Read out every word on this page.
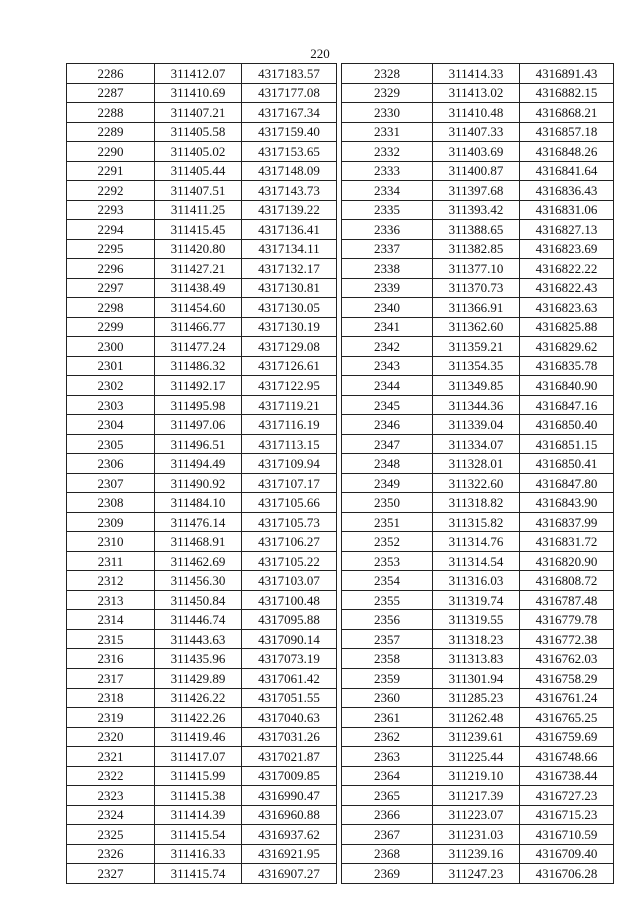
220
2286	311412.07	4317183.57
2287	311410.69	4317177.08
2288	311407.21	4317167.34
2289	311405.58	4317159.40
2290	311405.02	4317153.65
2291	311405.44	4317148.09
2292	311407.51	4317143.73
2293	311411.25	4317139.22
2294	311415.45	4317136.41
2295	311420.80	4317134.11
2296	311427.21	4317132.17
2297	311438.49	4317130.81
2298	311454.60	4317130.05
2299	311466.77	4317130.19
2300	311477.24	4317129.08
2301	311486.32	4317126.61
2302	311492.17	4317122.95
2303	311495.98	4317119.21
2304	311497.06	4317116.19
2305	311496.51	4317113.15
2306	311494.49	4317109.94
2307	311490.92	4317107.17
2308	311484.10	4317105.66
2309	311476.14	4317105.73
2310	311468.91	4317106.27
2311	311462.69	4317105.22
2312	311456.30	4317103.07
2313	311450.84	4317100.48
2314	311446.74	4317095.88
2315	311443.63	4317090.14
2316	311435.96	4317073.19
2317	311429.89	4317061.42
2318	311426.22	4317051.55
2319	311422.26	4317040.63
2320	311419.46	4317031.26
2321	311417.07	4317021.87
2322	311415.99	4317009.85
2323	311415.38	4316990.47
2324	311414.39	4316960.88
2325	311415.54	4316937.62
2326	311416.33	4316921.95
2327	311415.74	4316907.27
2328	311414.33	4316891.43
2329	311413.02	4316882.15
2330	311410.48	4316868.21
2331	311407.33	4316857.18
2332	311403.69	4316848.26
2333	311400.87	4316841.64
2334	311397.68	4316836.43
2335	311393.42	4316831.06
2336	311388.65	4316827.13
2337	311382.85	4316823.69
2338	311377.10	4316822.22
2339	311370.73	4316822.43
2340	311366.91	4316823.63
2341	311362.60	4316825.88
2342	311359.21	4316829.62
2343	311354.35	4316835.78
2344	311349.85	4316840.90
2345	311344.36	4316847.16
2346	311339.04	4316850.40
2347	311334.07	4316851.15
2348	311328.01	4316850.41
2349	311322.60	4316847.80
2350	311318.82	4316843.90
2351	311315.82	4316837.99
2352	311314.76	4316831.72
2353	311314.54	4316820.90
2354	311316.03	4316808.72
2355	311319.74	4316787.48
2356	311319.55	4316779.78
2357	311318.23	4316772.38
2358	311313.83	4316762.03
2359	311301.94	4316758.29
2360	311285.23	4316761.24
2361	311262.48	4316765.25
2362	311239.61	4316759.69
2363	311225.44	4316748.66
2364	311219.10	4316738.44
2365	311217.39	4316727.23
2366	311223.07	4316715.23
2367	311231.03	4316710.59
2368	311239.16	4316709.40
2369	311247.23	4316706.28
